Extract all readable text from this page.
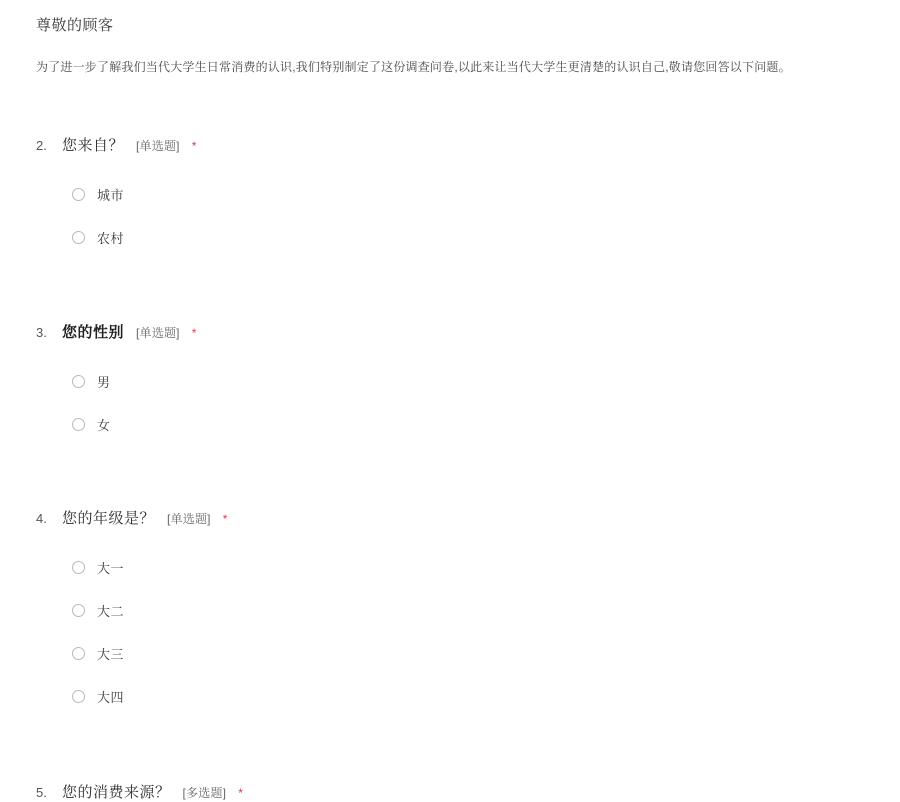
尊敬的顾客
为了进一步了解我们当代大学生日常消费的认识,我们特别制定了这份调查问卷,以此来让当代大学生更清楚的认识自己,敬请您回答以下问题。
2.	您来自？ [单选题] *
城市
农村
3.	您的性别 [单选题] *
男
女
4.	您的年级是？ [单选题] *
大一
大二
大三
大四
5.	您的消费来源？ [多选题] *
